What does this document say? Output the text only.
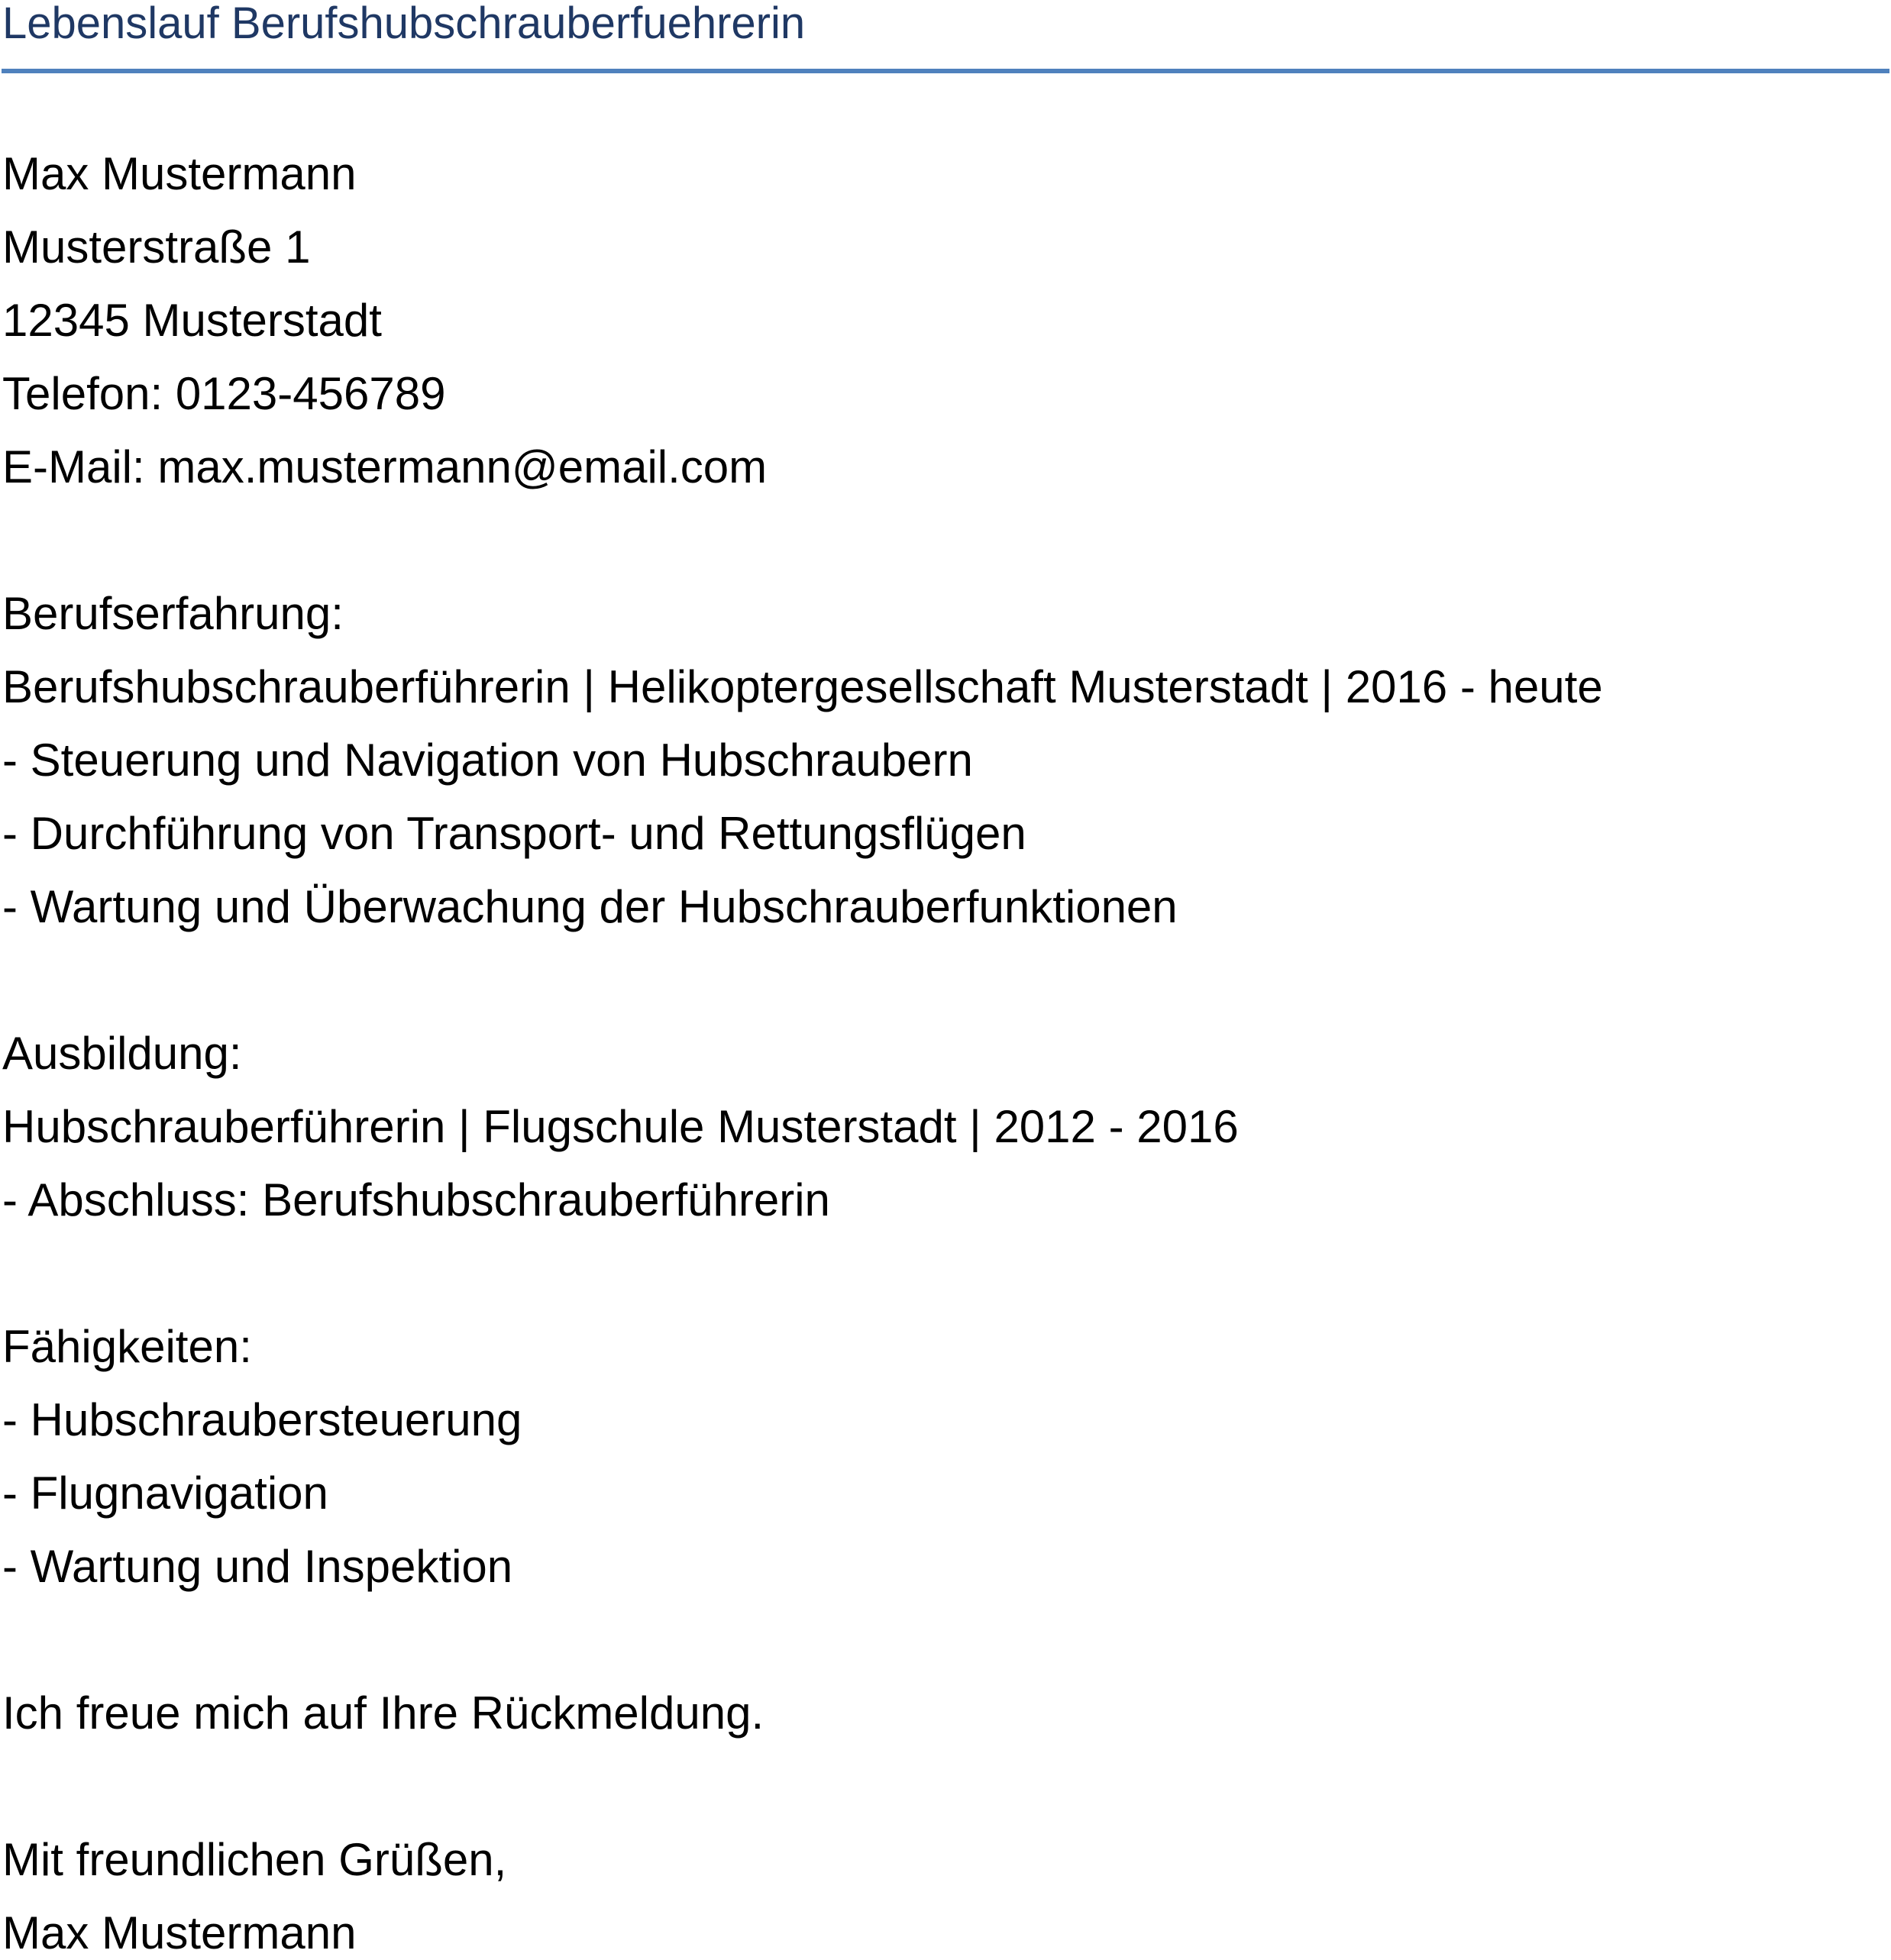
Lebenslauf Berufshubschrauberfuehrerin
Max Mustermann
Musterstraße 1
12345 Musterstadt
Telefon: 0123-456789
E-Mail: max.mustermann@email.com
Berufserfahrung:
Berufshubschrauberführerin | Helikoptergesellschaft Musterstadt | 2016 - heute
- Steuerung und Navigation von Hubschraubern
- Durchführung von Transport- und Rettungsflügen
- Wartung und Überwachung der Hubschrauberfunktionen
Ausbildung:
Hubschrauberführerin | Flugschule Musterstadt | 2012 - 2016
- Abschluss: Berufshubschrauberführerin
Fähigkeiten:
- Hubschraubersteuerung
- Flugnavigation
- Wartung und Inspektion
Ich freue mich auf Ihre Rückmeldung.
Mit freundlichen Grüßen,
Max Mustermann
